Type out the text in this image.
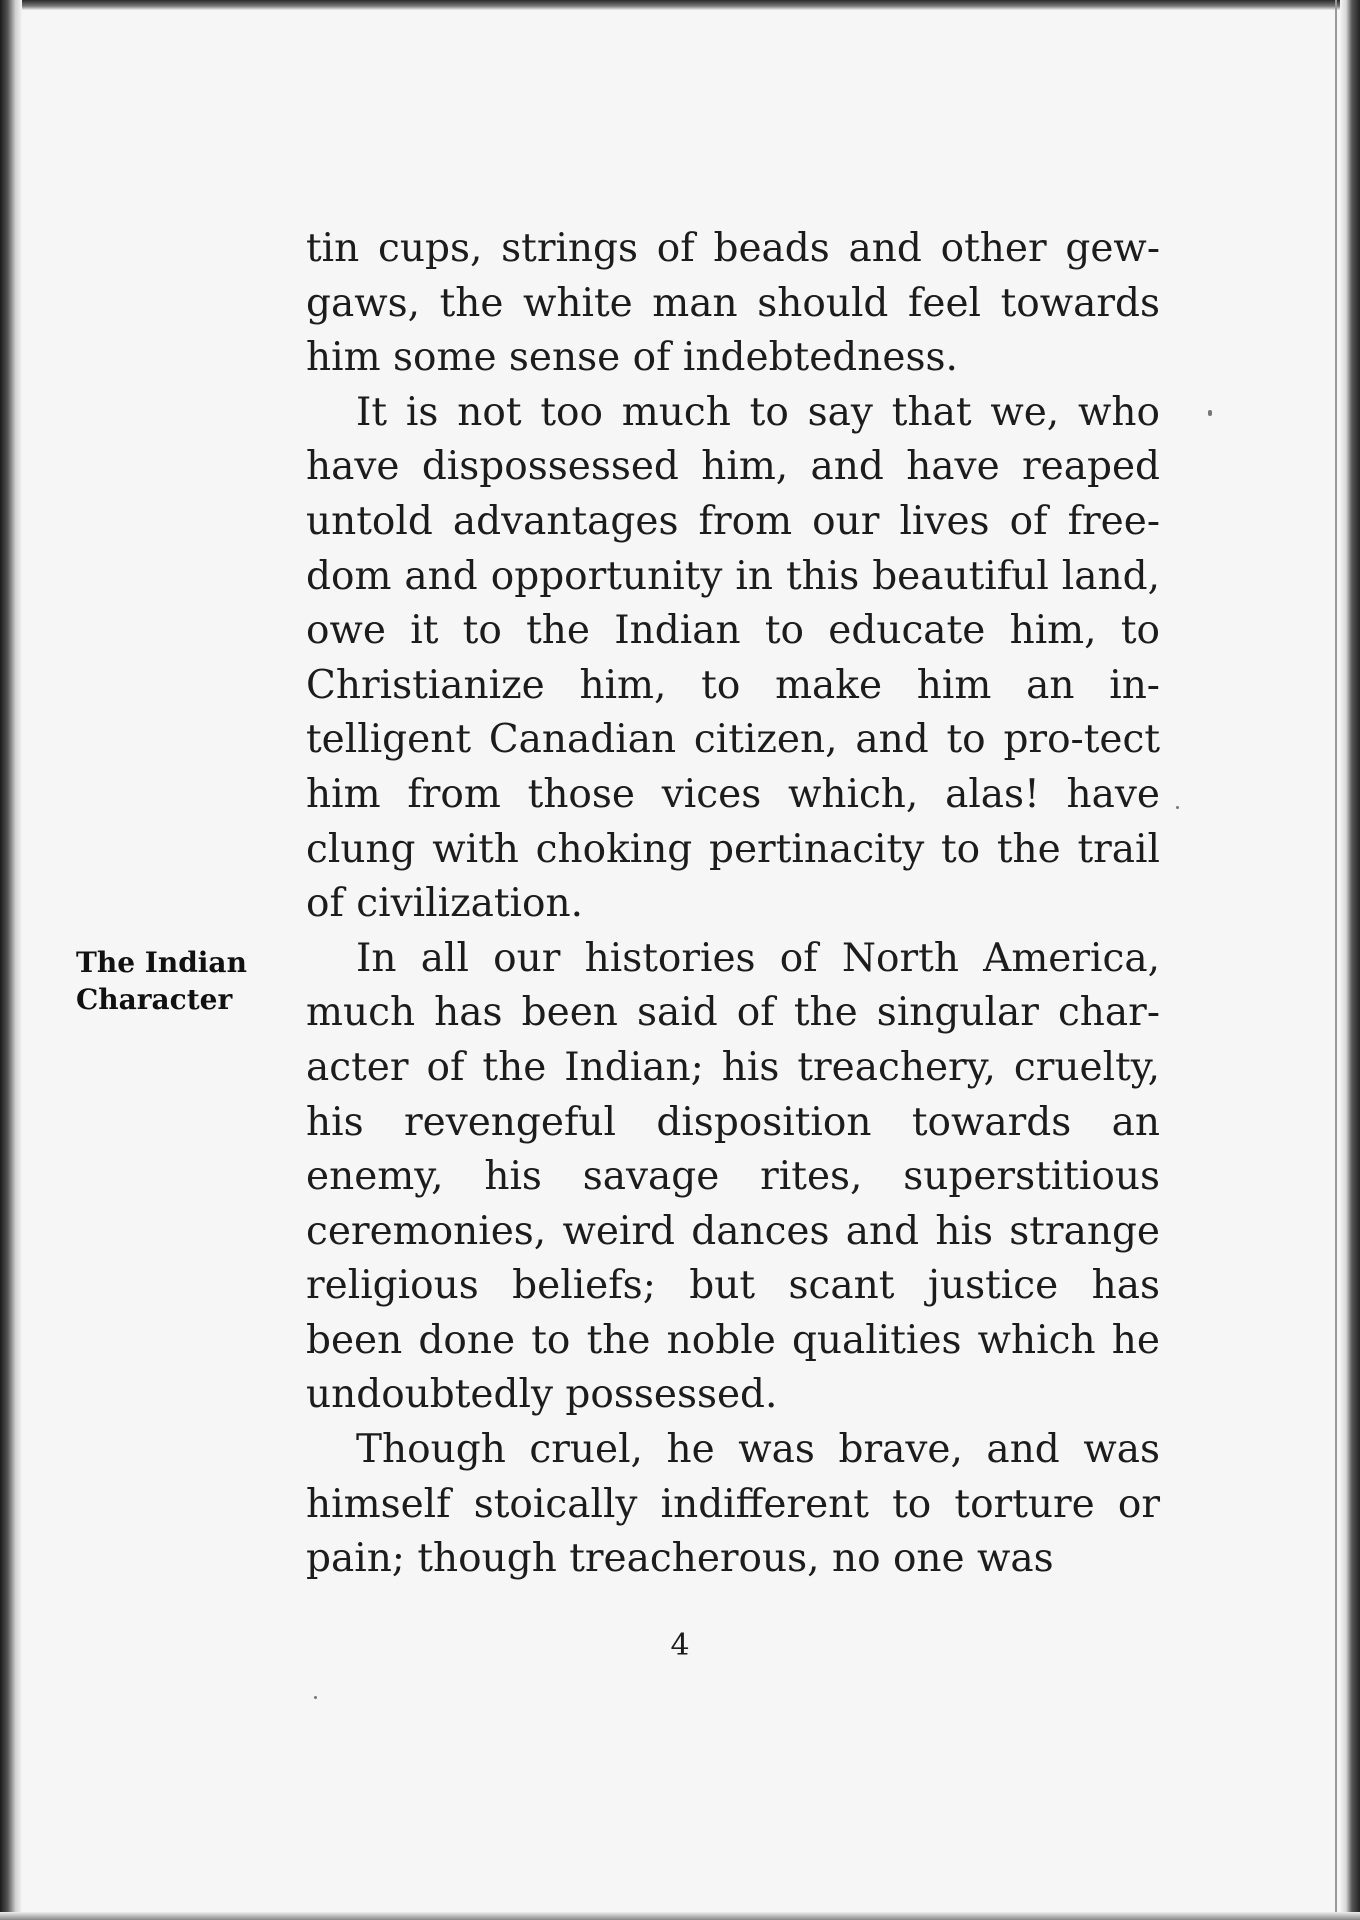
The Indian
Character

tin cups, strings of beads and other gew-gaws, the white man should feel towards him some sense of indebtedness.

It is not too much to say that we, who have dispossessed him, and have reaped untold advantages from our lives of free-dom and opportunity in this beautiful land, owe it to the Indian to educate him, to Christianize him, to make him an in-telligent Canadian citizen, and to pro-tect him from those vices which, alas! have clung with choking pertinacity to the trail of civilization.

In all our histories of North America, much has been said of the singular char-acter of the Indian; his treachery, cruelty, his revengeful disposition towards an enemy, his savage rites, superstitious ceremonies, weird dances and his strange religious beliefs; but scant justice has been done to the noble qualities which he undoubtedly possessed.

Though cruel, he was brave, and was himself stoically indifferent to torture or pain; though treacherous, no one was

4
